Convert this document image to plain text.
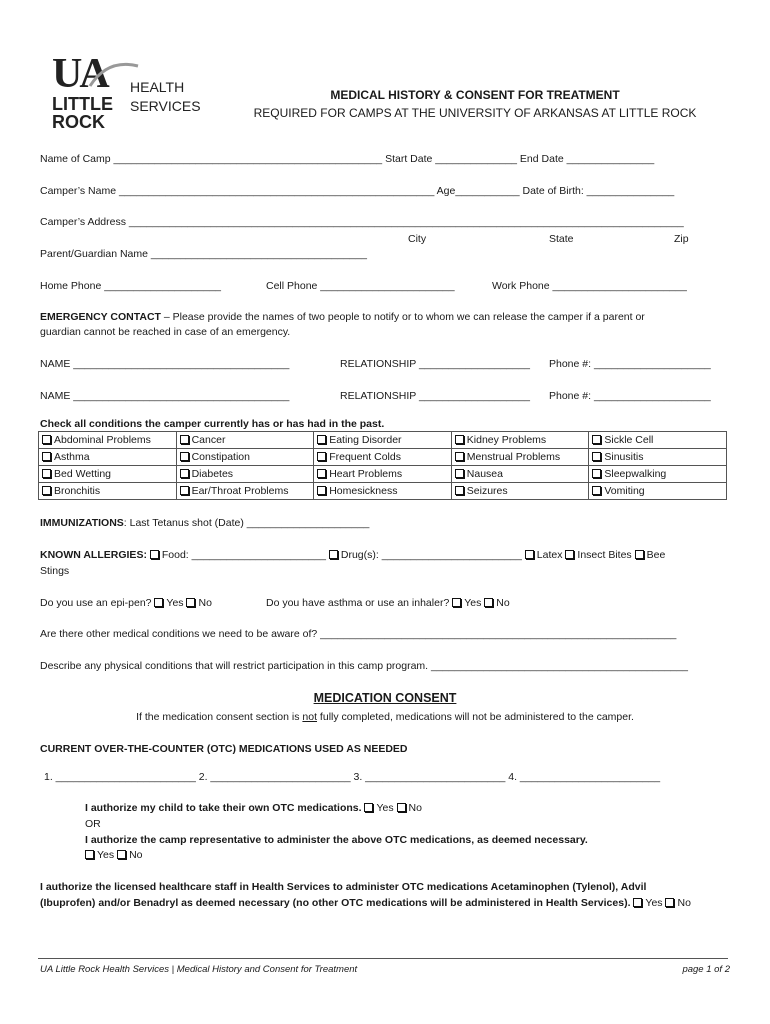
UA
LITTLE
ROCK
HEALTH
SERVICES
MEDICAL HISTORY & CONSENT FOR TREATMENT
REQUIRED FOR CAMPS AT THE UNIVERSITY OF ARKANSAS AT LITTLE ROCK
Name of Camp ______________________________________________ Start Date ______________ End Date _______________
Camper’s Name ______________________________________________________ Age___________ Date of Birth: _______________
Camper’s Address _______________________________________________________________________________________________
City	State	Zip
Parent/Guardian Name _____________________________________
Home Phone ____________________	Cell Phone _______________________	Work Phone _______________________
EMERGENCY CONTACT – Please provide the names of two people to notify or to whom we can release the camper if a parent or
guardian cannot be reached in case of an emergency.
NAME _____________________________________	RELATIONSHIP ___________________ Phone #: ____________________
NAME _____________________________________	RELATIONSHIP ___________________ Phone #: ____________________
Check all conditions the camper currently has or has had in the past.
Abdominal Problems	Cancer	Eating Disorder	Kidney Problems	Sickle Cell
Asthma	Constipation	Frequent Colds	Menstrual Problems	Sinusitis
Bed Wetting	Diabetes	Heart Problems	Nausea	Sleepwalking
Bronchitis	Ear/Throat Problems	Homesickness	Seizures	Vomiting
IMMUNIZATIONS: Last Tetanus shot (Date) _____________________
KNOWN ALLERGIES: Food: _______________________ Drug(s): ________________________ Latex Insect Bites Bee
Stings
Do you use an epi-pen? Yes No	Do you have asthma or use an inhaler? Yes No
Are there other medical conditions we need to be aware of? _____________________________________________________________
Describe any physical conditions that will restrict participation in this camp program. ____________________________________________
MEDICATION CONSENT
If the medication consent section is not fully completed, medications will not be administered to the camper.
CURRENT OVER-THE-COUNTER (OTC) MEDICATIONS USED AS NEEDED
1. ________________________ 2. ________________________ 3. ________________________ 4. ________________________
I authorize my child to take their own OTC medications. Yes No
OR
I authorize the camp representative to administer the above OTC medications, as deemed necessary.
Yes No
I authorize the licensed healthcare staff in Health Services to administer OTC medications Acetaminophen (Tylenol), Advil
(Ibuprofen) and/or Benadryl as deemed necessary (no other OTC medications will be administered in Health Services). Yes No
UA Little Rock Health Services | Medical History and Consent for Treatment	page 1 of 2
